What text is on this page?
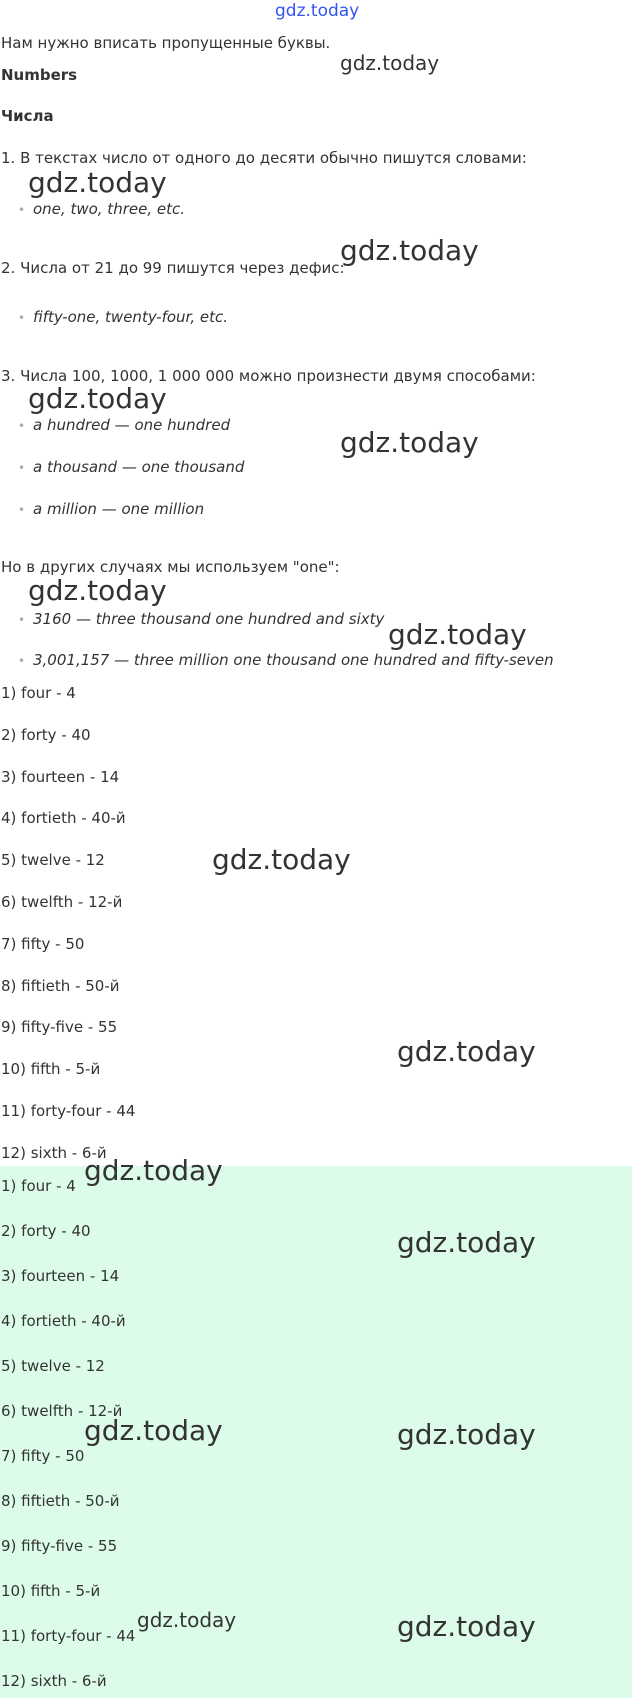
gdz.today
Нам нужно вписать пропущенные буквы.
Numbers
Числа
1. В текстах число от одного до десяти обычно пишутся словами:
• one, two, three, etc.
2. Числа от 21 до 99 пишутся через дефис:
• fifty-one, twenty-four, etc.
3. Числа 100, 1000, 1 000 000 можно произнести двумя способами:
• a hundred — one hundred
• a thousand — one thousand
• a million — one million
Но в других случаях мы используем "one":
• 3160 — three thousand one hundred and sixty
• 3,001,157 — three million one thousand one hundred and fifty-seven
1) four - 4
2) forty - 40
3) fourteen - 14
4) fortieth - 40-й
5) twelve - 12
6) twelfth - 12-й
7) fifty - 50
8) fiftieth - 50-й
9) fifty-five - 55
10) fifth - 5-й
11) forty-four - 44
12) sixth - 6-й
1) four - 4
2) forty - 40
3) fourteen - 14
4) fortieth - 40-й
5) twelve - 12
6) twelfth - 12-й
7) fifty - 50
8) fiftieth - 50-й
9) fifty-five - 55
10) fifth - 5-й
11) forty-four - 44
12) sixth - 6-й
gdz.today
gdz.today
gdz.today
gdz.today
gdz.today
gdz.today
gdz.today
gdz.today
gdz.today
gdz.today
gdz.today
gdz.today	gdz.today
gdz.today	gdz.today
